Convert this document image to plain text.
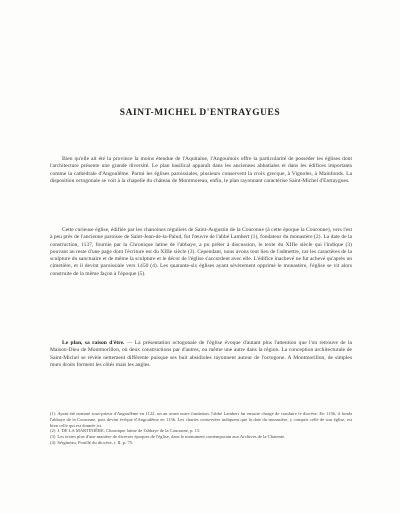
SAINT-MICHEL D'ENTRAYGUES

Bien qu'elle ait été la province la moins étendue de l'Aquitaine, l'Angoumois offre la particularité de posséder les églises dont l'architecture présente une grande diversité. Le plan basilical apparaît dans les anciennes abbatiales et dans les édifices importants comme la cathédrale d'Angoulême. Parmi les églises paroissiales, plusieurs conservent la croix grecque, à Vignoles, à Mainfonds. La disposition octogonale se voit à la chapelle du château de Montmoreau, enfin, le plan rayonnant caractérise Saint-Michel d'Entraygues.

Cette curieuse église, édifiée par les chanoines réguliers de Saint-Augustin de la Couronne (à cette époque la Couronne), vers l'est à peu près de l'ancienne paroisse de Saint-Jean-de-la-Palud, fut l'œuvre de l'abbé Lambert (1), fondateur du monastère (2). La date de la construction, 1137, fournie par la Chronique latine de l'abbaye, a pu prêter à discussion, le texte du XIIIe siècle qui l'indique (3) pouvant au reste d'une page dont l'écriture est du XIIIe siècle (3). Cependant, nous avons tout lieu de l'admettre, car les caractères de la sculpture du sanctuaire et de même la sculpture et le décor de l'église s'accordent avec elle. L'édifice inachevé ne fut achevé qu'après un cimetière, et il devint paroissiale vers 1450 (4). Les quarante-six églises ayant sévèrement opprimé le monastère, l'église se vit alors construite de la même façon à l'époque (5).

Le plan, sa raison d'être. — La présentation octogonale de l'église évoque d'autant plus l'attention que l'on retrouve de la Maison-Dieu de Montmorillon, où deux constructions par d'autres, ou même une autre dans la région. La conception architecturale de Saint-Michel se révèle nettement différente puisque ses huit absidioles rayonnent autour de l'octogone. A Montmorillon, de simples murs droits forment les côtés mais les angles.

(1) Ayant été nommé sous-prieur d'Angoulême en 1122, un an avant notre fondation, l'abbé Lambert fut ensuite chargé de conduire le diocèse. En 1136, il fonda l'abbaye de la Couronne, puis devint évêque d'Angoulême en 1136. Les chartes conservées indiquent que la date du monastère, y compris celle de son église, est bien celle qui est donnée ici.
(2) J. DE LA MARTINIÈRE, Chronique latine de l'abbaye de la Couronne, p. 15.
(3) Les textes plus d'une manière de diverses époques de l'église, dans le monument contemporain aux Archives de la Charente.
(4) Sérgineau, Pouillé du diocèse, t. II, p. 75.
